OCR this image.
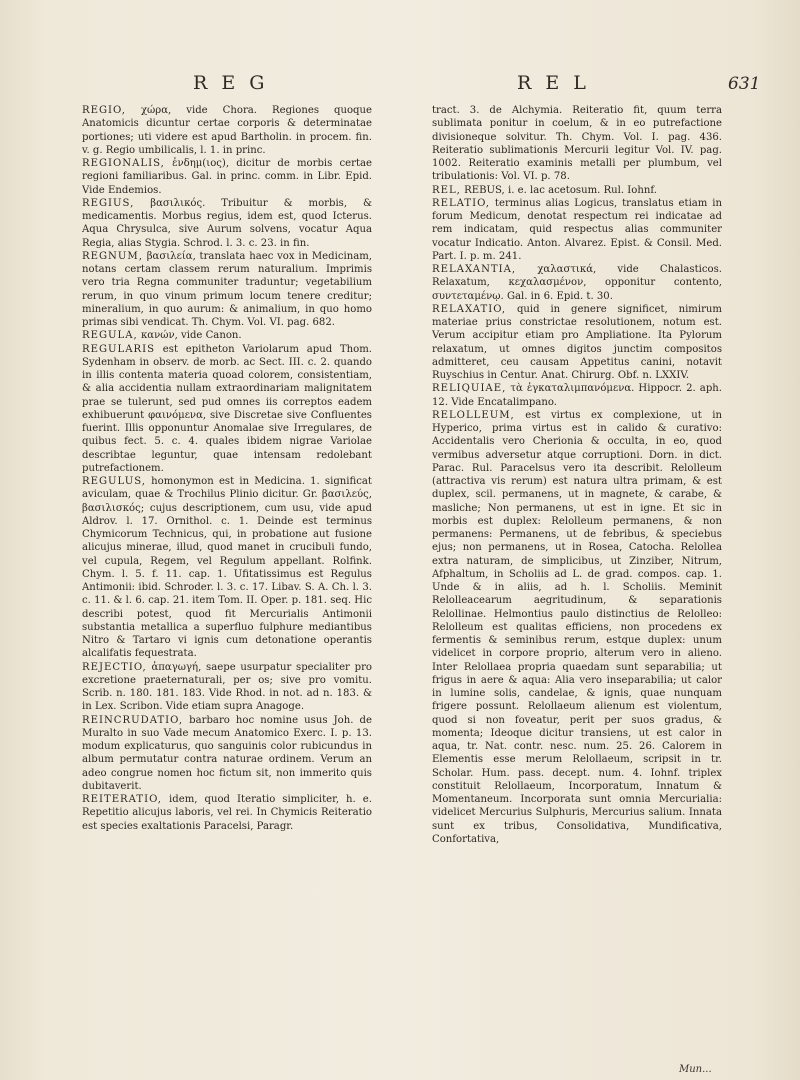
R E G	R E L	631

REGIO, χώρα, vide Chora. Regiones quoque Anatomicis dicuntur certae corporis & determinatae portiones; uti videre est apud Bartholin. in procem. fin. v. g. Regio umbilicalis, l. 1. in princ.

REGIONALIS, ἐνδημ(ιος), dicitur de morbis certae regioni familiaribus. Gal. in princ. comm. in Libr. Epid. Vide Endemios.

REGIUS, βασιλικός. Tribuitur & morbis, & medicamentis. Morbus regius, idem est, quod Icterus. Aqua Chrysulca, sive Aurum solvens, vocatur Aqua Regia, alias Stygia. Schrod. l. 3. c. 23. in fin.

REGNUM, βασιλεία, translata haec vox in Medicinam, notans certam classem rerum naturalium. Imprimis vero tria Regna communiter traduntur; vegetabilium rerum, in quo vinum primum locum tenere creditur; mineralium, in quo aurum: & animalium, in quo homo primas sibi vendicat. Th. Chym. Vol. VI. pag. 682.

REGULA, κανών, vide Canon.

REGULARIS est epitheton Variolarum apud Thom. Sydenham in observ. de morb. ac Sect. III. c. 2. quando in illis contenta materia quoad colorem, consistentiam, & alia accidentia nullam extraordinariam malignitatem prae se tulerunt, sed pud omnes iis correptos eadem exhibuerunt φαινόμενα, sive Discretae sive Confluentes fuerint. Illis opponuntur Anomalae sive Irregulares, de quibus fect. 5. c. 4. quales ibidem nigrae Variolae describtae leguntur, quae intensam redolebant putrefactionem.

REGULUS, homonymon est in Medicina. 1. significat aviculam, quae & Trochilus Plinio dicitur. Gr. βασιλεύς, βασιλισκός; cujus descriptionem, cum usu, vide apud Aldrov. l. 17. Ornithol. c. 1. Deinde est terminus Chymicorum Technicus, qui, in probatione aut fusione alicujus minerae, illud, quod manet in crucibuli fundo, vel cupula, Regem, vel Regulum appellant. Rolfink. Chym. l. 5. f. 11. cap. 1. Ufitatissimus est Regulus Antimonii: ibid. Schroder. l. 3. c. 17. Libav. S. A. Ch. l. 3. c. 11. & l. 6. cap. 21. item Tom. II. Oper. p. 181. seq. Hic describi potest, quod fit Mercurialis Antimonii substantia metallica a superfluo fulphure mediantibus Nitro & Tartaro vi ignis cum detonatione operantis alcalifatis fequestrata.

REJECTIO, ἀπαγωγή, saepe usurpatur specialiter pro excretione praeternaturali, per os; sive pro vomitu. Scrib. n. 180. 181. 183. Vide Rhod. in not. ad n. 183. & in Lex. Scribon. Vide etiam supra Anagoge.

REINCRUDATIO, barbaro hoc nomine usus Joh. de Muralto in suo Vade mecum Anatomico Exerc. I. p. 13. modum explicaturus, quo sanguinis color rubicundus in album permutatur contra naturae ordinem. Verum an adeo congrue nomen hoc fictum sit, non immerito quis dubitaverit.

REITERATIO, idem, quod Iteratio simpliciter, h. e. Repetitio alicujus laboris, vel rei. In Chymicis Reiteratio est species exaltationis Paracelsi, Paragr.

tract. 3. de Alchymia. Reiteratio fit, quum terra sublimata ponitur in coelum, & in eo putrefactione divisioneque solvitur. Th. Chym. Vol. I. pag. 436. Reiteratio sublimationis Mercurii legitur Vol. IV. pag. 1002. Reiteratio examinis metalli per plumbum, vel tribulationis: Vol. VI. p. 78.

REL, REBUS, i. e. lac acetosum. Rul. Iohnf.

RELATIO, terminus alias Logicus, translatus etiam in forum Medicum, denotat respectum rei indicatae ad rem indicatam, quid respectus alias communiter vocatur Indicatio. Anton. Alvarez. Epist. & Consil. Med. Part. I. p. m. 241.

RELAXANTIA, χαλαστικά, vide Chalasticos. Relaxatum, κεχαλασμένον, opponitur contento, συντεταμένῳ. Gal. in 6. Epid. t. 30.

RELAXATIO, quid in genere significet, nimirum materiae prius constrictae resolutionem, notum est. Verum accipitur etiam pro Ampliatione. Ita Pylorum relaxatum, ut omnes digitos junctim compositos admitteret, ceu causam Appetitus canini, notavit Ruyschius in Centur. Anat. Chirurg. Obf. n. LXXIV.

RELIQUIAE, τὰ ἐγκαταλιμπανόμενα. Hippocr. 2. aph. 12. Vide Encatalimpano.

RELOLLEUM, est virtus ex complexione, ut in Hyperico, prima virtus est in calido & curativo: Accidentalis vero Cherionia & occulta, in eo, quod vermibus adversetur atque corruptioni. Dorn. in dict. Parac. Rul. Paracelsus vero ita describit. Relolleum (attractiva vis rerum) est natura ultra primam, & est duplex, scil. permanens, ut in magnete, & carabe, & masliche; Non permanens, ut est in igne. Et sic in morbis est duplex: Relolleum permanens, & non permanens: Permanens, ut de febribus, & speciebus ejus; non permanens, ut in Rosea, Catocha. Relollea extra naturam, de simplicibus, ut Zinziber, Nitrum, Afphaltum, in Scholiis ad L. de grad. compos. cap. 1. Unde & in aliis, ad h. l. Scholiis. Meminit Relolleacearum aegritudinum, & separationis Relollinae. Helmontius paulo distinctius de Relolleo: Relolleum est qualitas efficiens, non procedens ex fermentis & seminibus rerum, estque duplex: unum videlicet in corpore proprio, alterum vero in alieno. Inter Relollaea propria quaedam sunt separabilia; ut frigus in aere & aqua: Alia vero inseparabilia; ut calor in lumine solis, candelae, & ignis, quae nunquam frigere possunt. Relollaeum alienum est violentum, quod si non foveatur, perit per suos gradus, & momenta; Ideoque dicitur transiens, ut est calor in aqua, tr. Nat. contr. nesc. num. 25. 26. Calorem in Elementis esse merum Relollaeum, scripsit in tr. Scholar. Hum. pass. decept. num. 4. Iohnf. triplex constituit Relollaeum, Incorporatum, Innatum & Momentaneum. Incorporata sunt omnia Mercurialia: videlicet Mercurius Sulphuris, Mercurius salium. Innata sunt ex tribus, Consolidativa, Mundificativa, Confortativa,

Mun...
